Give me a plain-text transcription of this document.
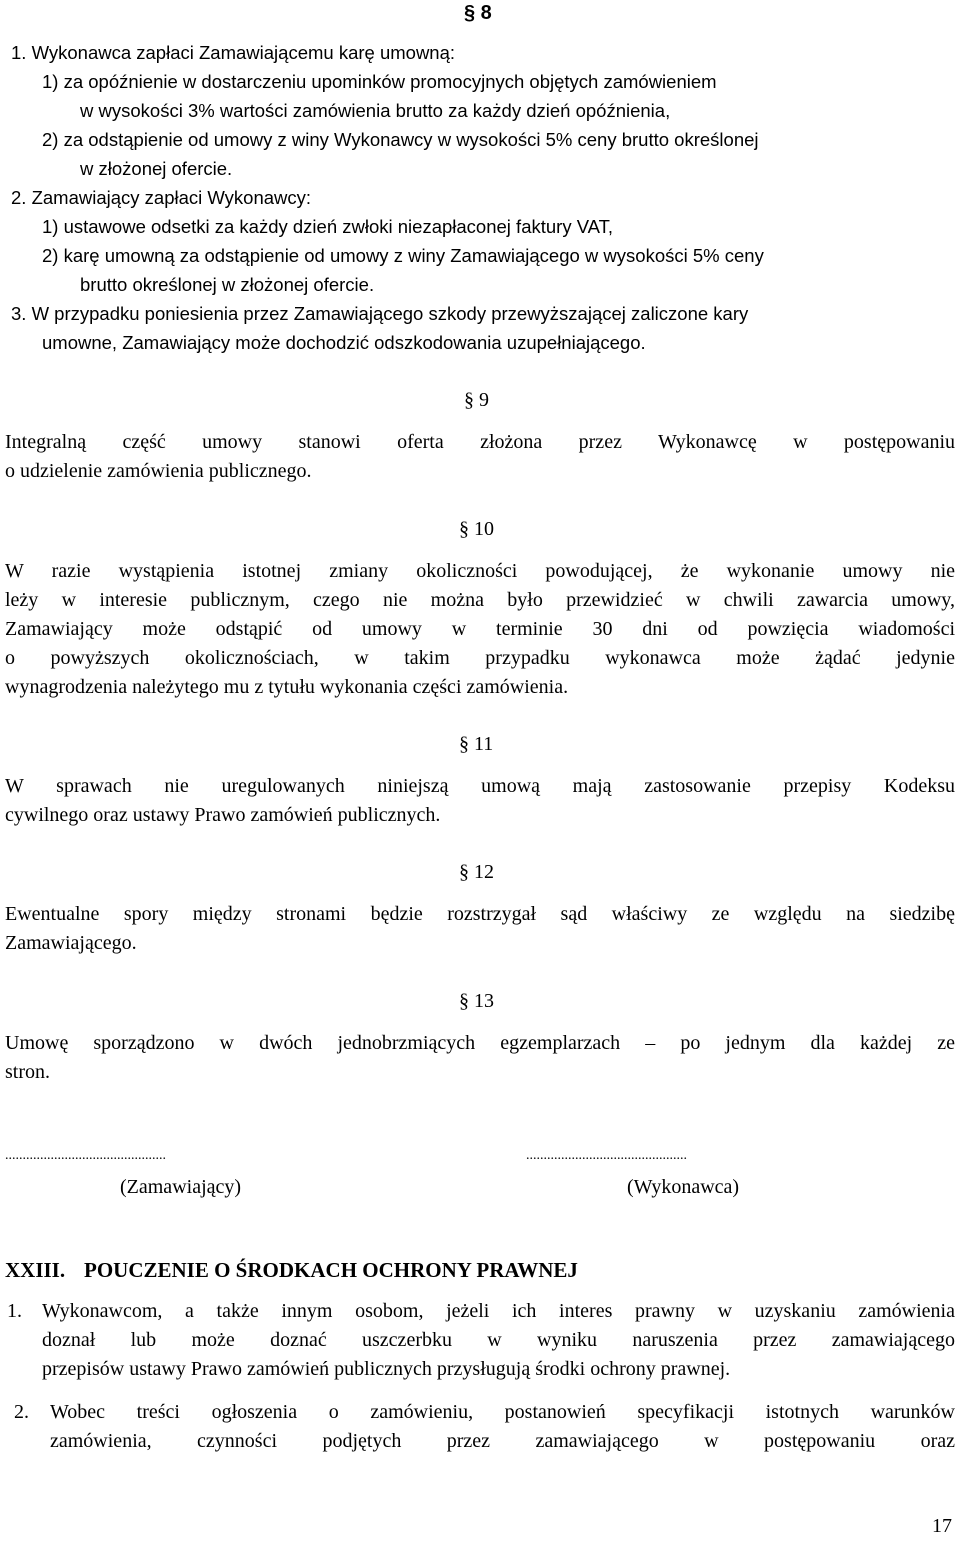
§ 8
1. Wykonawca zapłaci Zamawiającemu karę umowną:
1) za opóźnienie w dostarczeniu upominków promocyjnych objętych zamówieniem
w wysokości 3% wartości zamówienia brutto za każdy dzień opóźnienia,
2) za odstąpienie od umowy z winy Wykonawcy w wysokości 5% ceny brutto określonej
w złożonej ofercie.
2. Zamawiający zapłaci Wykonawcy:
1) ustawowe odsetki za każdy dzień zwłoki niezapłaconej faktury VAT,
2) karę umowną za odstąpienie od umowy z winy Zamawiającego w wysokości 5% ceny
brutto określonej w złożonej ofercie.
3. W przypadku poniesienia przez Zamawiającego szkody przewyższającej zaliczone kary
umowne, Zamawiający może dochodzić odszkodowania uzupełniającego.
§ 9
Integralną część umowy stanowi oferta złożona przez Wykonawcę w postępowaniu
o udzielenie zamówienia publicznego.
§ 10
W razie wystąpienia istotnej zmiany okoliczności powodującej, że wykonanie umowy nie
leży w interesie publicznym, czego nie można było przewidzieć w chwili zawarcia umowy,
Zamawiający może odstąpić od umowy w terminie 30 dni od powzięcia wiadomości
o powyższych okolicznościach, w takim przypadku wykonawca może żądać jedynie
wynagrodzenia należytego mu z tytułu wykonania części zamówienia.
§ 11
W sprawach nie uregulowanych niniejszą umową mają zastosowanie przepisy Kodeksu
cywilnego oraz ustawy Prawo zamówień publicznych.
§ 12
Ewentualne spory między stronami będzie rozstrzygał sąd właściwy ze względu na siedzibę
Zamawiającego.
§ 13
Umowę sporządzono w dwóch jednobrzmiących egzemplarzach – po jednym dla każdej ze
stron.
..............................................
(Zamawiający)
..............................................
(Wykonawca)
XXIII. POUCZENIE O ŚRODKACH OCHRONY PRAWNEJ
1. Wykonawcom, a także innym osobom, jeżeli ich interes prawny w uzyskaniu zamówienia
doznał lub może doznać uszczerbku w wyniku naruszenia przez zamawiającego
przepisów ustawy Prawo zamówień publicznych przysługują środki ochrony prawnej.
2. Wobec treści ogłoszenia o zamówieniu, postanowień specyfikacji istotnych warunków
zamówienia, czynności podjętych przez zamawiającego w postępowaniu oraz
17
